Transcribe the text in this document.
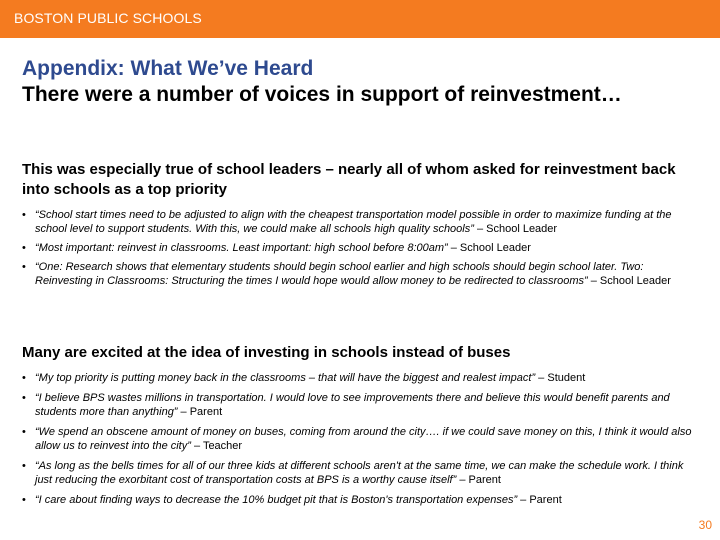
BOSTON PUBLIC SCHOOLS
Appendix: What We’ve Heard
There were a number of voices in support of reinvestment…
This was especially true of school leaders – nearly all of whom asked for reinvestment back into schools as a top priority
• “School start times need to be adjusted to align with the cheapest transportation model possible in order to maximize funding at the school level to support students. With this, we could make all schools high quality schools” – School Leader
• “Most important: reinvest in classrooms. Least important: high school before 8:00am” – School Leader
• “One: Research shows that elementary students should begin school earlier and high schools should begin school later. Two: Reinvesting in Classrooms: Structuring the times I would hope would allow money to be redirected to classrooms” – School Leader
Many are excited at the idea of investing in schools instead of buses
• “My top priority is putting money back in the classrooms – that will have the biggest and realest impact” – Student
• “I believe BPS wastes millions in transportation. I would love to see improvements there and believe this would benefit parents and students more than anything” – Parent
• “We spend an obscene amount of money on buses, coming from around the city…. if we could save money on this, I think it would also allow us to reinvest into the city” – Teacher
• “As long as the bells times for all of our three kids at different schools aren't at the same time, we can make the schedule work. I think just reducing the exorbitant cost of transportation costs at BPS is a worthy cause itself” – Parent
• “I care about finding ways to decrease the 10% budget pit that is Boston's transportation expenses” – Parent
30
